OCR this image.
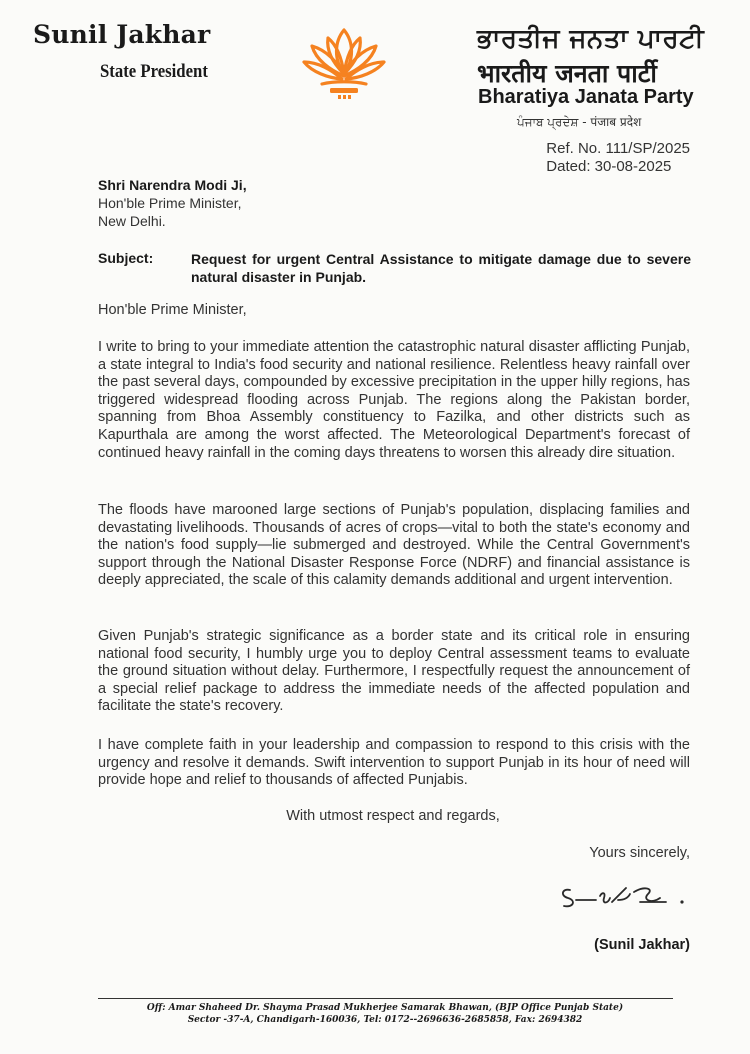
Sunil Jakhar
State President
ਭਾਰਤੀਜ ਜਨਤਾ ਪਾਰਟੀ
भारतीय जनता पार्टी
Bharatiya Janata Party
ਪੰਜਾਬ ਪ੍ਰਦੇਸ਼ - पंजाब प्रदेश
Ref. No. 111/SP/2025
Dated: 30-08-2025
Shri Narendra Modi Ji,
Hon'ble Prime Minister,
New Delhi.
Subject:	Request for urgent Central Assistance to mitigate damage due to severe natural disaster in Punjab.
Hon'ble Prime Minister,
I write to bring to your immediate attention the catastrophic natural disaster afflicting Punjab, a state integral to India's food security and national resilience. Relentless heavy rainfall over the past several days, compounded by excessive precipitation in the upper hilly regions, has triggered widespread flooding across Punjab. The regions along the Pakistan border, spanning from Bhoa Assembly constituency to Fazilka, and other districts such as Kapurthala are among the worst affected. The Meteorological Department's forecast of continued heavy rainfall in the coming days threatens to worsen this already dire situation.
The floods have marooned large sections of Punjab's population, displacing families and devastating livelihoods. Thousands of acres of crops—vital to both the state's economy and the nation's food supply—lie submerged and destroyed. While the Central Government's support through the National Disaster Response Force (NDRF) and financial assistance is deeply appreciated, the scale of this calamity demands additional and urgent intervention.
Given Punjab's strategic significance as a border state and its critical role in ensuring national food security, I humbly urge you to deploy Central assessment teams to evaluate the ground situation without delay. Furthermore, I respectfully request the announcement of a special relief package to address the immediate needs of the affected population and facilitate the state's recovery.
I have complete faith in your leadership and compassion to respond to this crisis with the urgency and resolve it demands. Swift intervention to support Punjab in its hour of need will provide hope and relief to thousands of affected Punjabis.
With utmost respect and regards,
Yours sincerely,
(Sunil Jakhar)
Off: Amar Shaheed Dr. Shayma Prasad Mukherjee Samarak Bhawan, (BJP Office Punjab State)
Sector -37-A, Chandigarh-160036, Tel: 0172--2696636-2685858, Fax: 2694382
